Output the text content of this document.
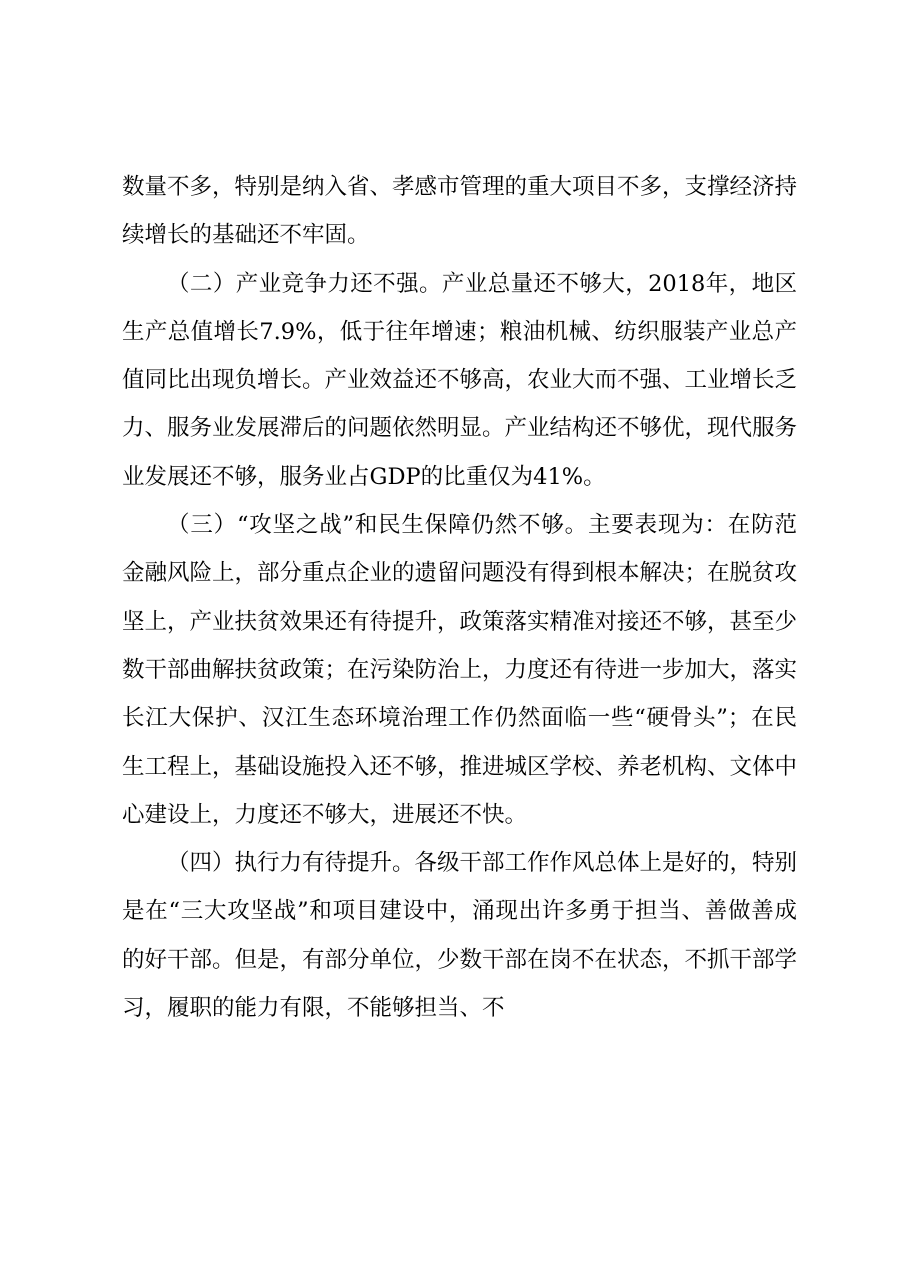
数量不多，特别是纳入省、孝感市管理的重大项目不多，支撑经济持续增长的基础还不牢固。

（二）产业竞争力还不强。产业总量还不够大，2018年，地区生产总值增长7.9%，低于往年增速；粮油机械、纺织服装产业总产值同比出现负增长。产业效益还不够高，农业大而不强、工业增长乏力、服务业发展滞后的问题依然明显。产业结构还不够优，现代服务业发展还不够，服务业占GDP的比重仅为41%。

（三）“攻坚之战”和民生保障仍然不够。主要表现为：在防范金融风险上，部分重点企业的遗留问题没有得到根本解决；在脱贫攻坚上，产业扶贫效果还有待提升，政策落实精准对接还不够，甚至少数干部曲解扶贫政策；在污染防治上，力度还有待进一步加大，落实长江大保护、汉江生态环境治理工作仍然面临一些“硬骨头”；在民生工程上，基础设施投入还不够，推进城区学校、养老机构、文体中心建设上，力度还不够大，进展还不快。

（四）执行力有待提升。各级干部工作作风总体上是好的，特别是在“三大攻坚战”和项目建设中，涌现出许多勇于担当、善做善成的好干部。但是，有部分单位，少数干部在岗不在状态，不抓干部学习，履职的能力有限，不能够担当、不
